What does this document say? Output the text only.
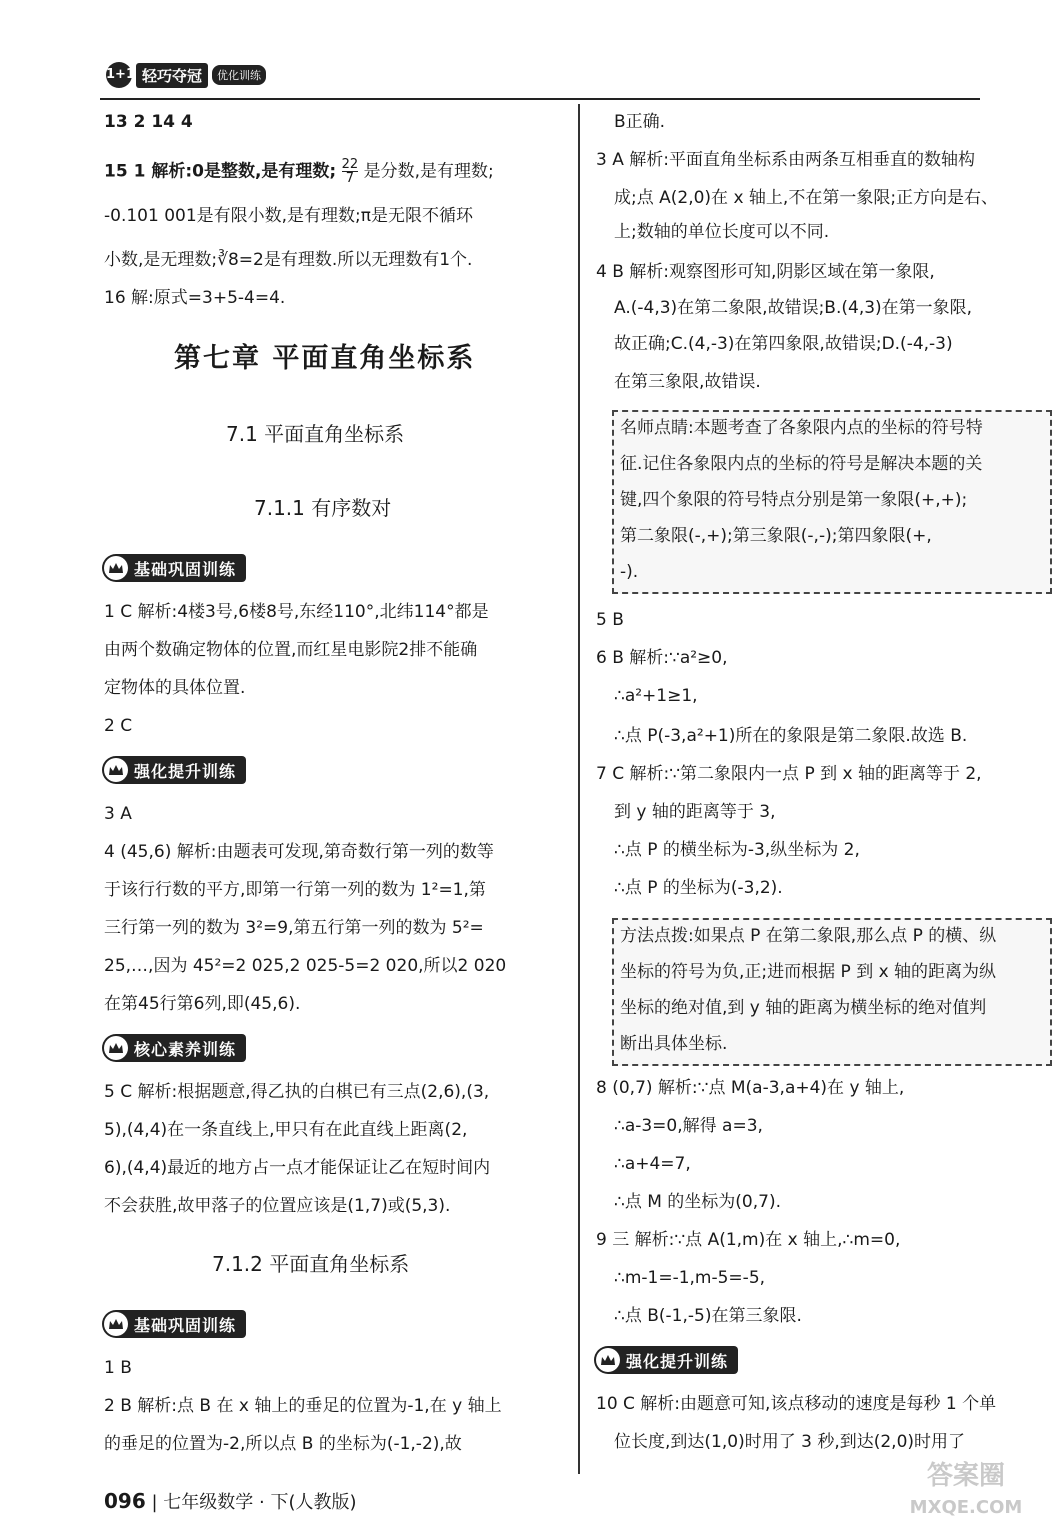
1+1 轻巧夺冠	优化训练
13 2 14 4
15 1 解析:0是整数,是有理数; $\frac{22}{7}$ 是分数,是有理数;
-0.101 001是有限小数,是有理数;π是无限不循环
小数,是无理数;∛8=2是有理数.所以无理数有1个.
16 解:原式=3+5-4=4.
第七章 平面直角坐标系
7.1 平面直角坐标系
7.1.1 有序数对
基础巩固训练
1 C 解析:4楼3号,6楼8号,东经110°,北纬114°都是
由两个数确定物体的位置,而红星电影院2排不能确
定物体的具体位置.
2 C
强化提升训练
3 A
4 (45,6) 解析:由题表可发现,第奇数行第一列的数等
于该行行数的平方,即第一行第一列的数为 1²=1,第
三行第一列的数为 3²=9,第五行第一列的数为 5²=
25,…,因为 45²=2 025,2 025-5=2 020,所以2 020
在第45行第6列,即(45,6).
核心素养训练
5 C 解析:根据题意,得乙执的白棋已有三点(2,6),(3,
5),(4,4)在一条直线上,甲只有在此直线上距离(2,
6),(4,4)最近的地方占一点才能保证让乙在短时间内
不会获胜,故甲落子的位置应该是(1,7)或(5,3).
7.1.2 平面直角坐标系
基础巩固训练
1 B
2 B 解析:点 B 在 x 轴上的垂足的位置为-1,在 y 轴上
的垂足的位置为-2,所以点 B 的坐标为(-1,-2),故
B正确.
3 A 解析:平面直角坐标系由两条互相垂直的数轴构
成;点 A(2,0)在 x 轴上,不在第一象限;正方向是右、
上;数轴的单位长度可以不同.
4 B 解析:观察图形可知,阴影区域在第一象限,
A.(-4,3)在第二象限,故错误;B.(4,3)在第一象限,
故正确;C.(4,-3)在第四象限,故错误;D.(-4,-3)
在第三象限,故错误.
名师点睛:本题考查了各象限内点的坐标的符号特
征.记住各象限内点的坐标的符号是解决本题的关
键,四个象限的符号特点分别是第一象限(+,+);
第二象限(-,+);第三象限(-,-);第四象限(+,
-).
5 B
6 B 解析:∵a²≥0,
∴a²+1≥1,
∴点 P(-3,a²+1)所在的象限是第二象限.故选 B.
7 C 解析:∵第二象限内一点 P 到 x 轴的距离等于 2,
到 y 轴的距离等于 3,
∴点 P 的横坐标为-3,纵坐标为 2,
∴点 P 的坐标为(-3,2).
方法点拨:如果点 P 在第二象限,那么点 P 的横、纵
坐标的符号为负,正;进而根据 P 到 x 轴的距离为纵
坐标的绝对值,到 y 轴的距离为横坐标的绝对值判
断出具体坐标.
8 (0,7) 解析:∵点 M(a-3,a+4)在 y 轴上,
∴a-3=0,解得 a=3,
∴a+4=7,
∴点 M 的坐标为(0,7).
9 三 解析:∵点 A(1,m)在 x 轴上,∴m=0,
∴m-1=-1,m-5=-5,
∴点 B(-1,-5)在第三象限.
强化提升训练
10 C 解析:由题意可知,该点移动的速度是每秒 1 个单
位长度,到达(1,0)时用了 3 秒,到达(2,0)时用了
096 | 七年级数学 · 下(人教版)
答案圈
MXQE.COM
